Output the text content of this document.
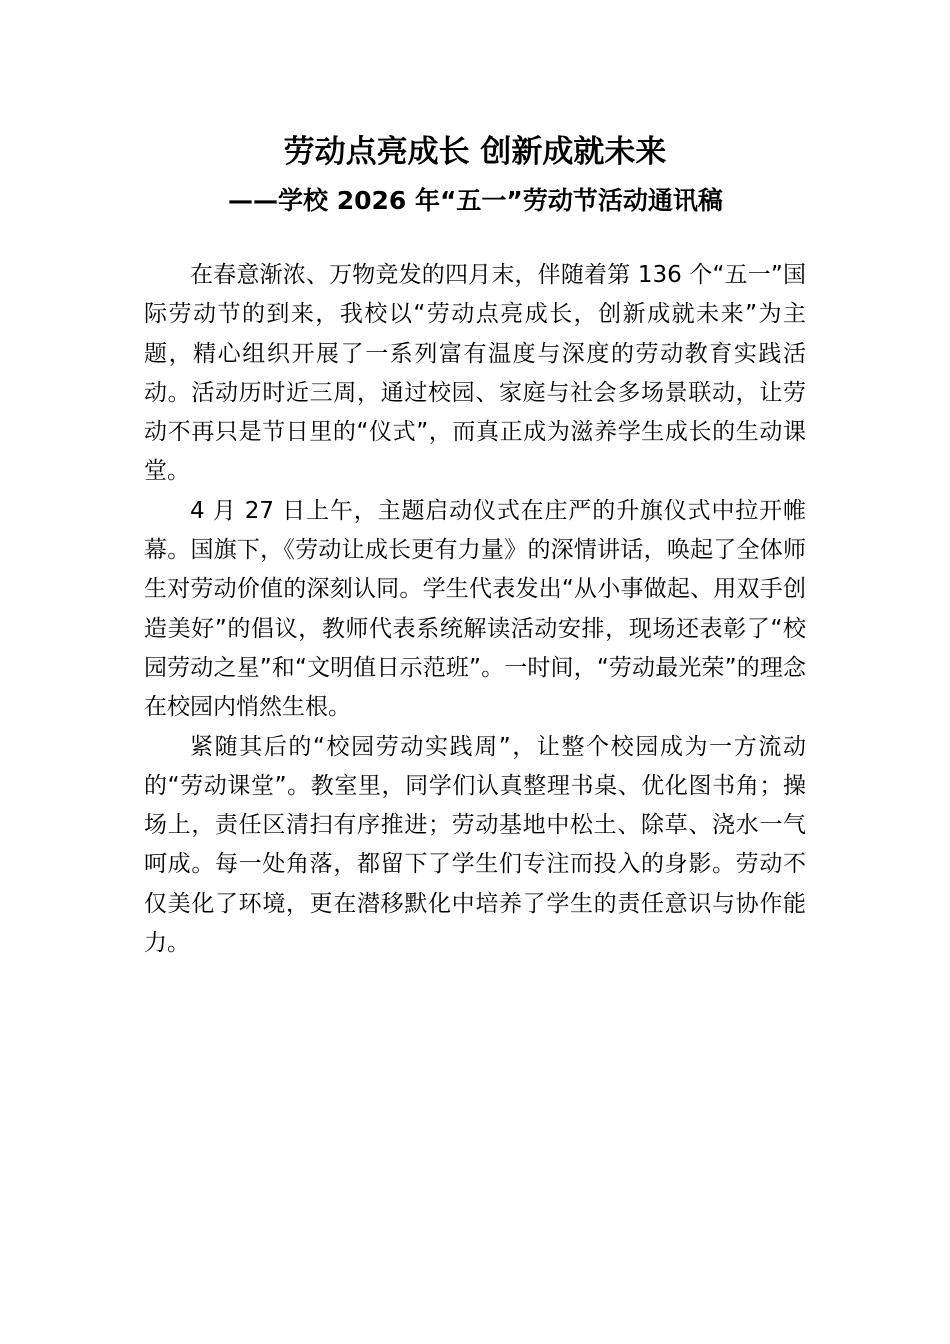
劳动点亮成长 创新成就未来
——学校 2026 年“五一”劳动节活动通讯稿

在春意渐浓、万物竞发的四月末，伴随着第 136 个“五一”国际劳动节的到来，我校以“劳动点亮成长，创新成就未来”为主题，精心组织开展了一系列富有温度与深度的劳动教育实践活动。活动历时近三周，通过校园、家庭与社会多场景联动，让劳动不再只是节日里的“仪式”，而真正成为滋养学生成长的生动课堂。

4 月 27 日上午，主题启动仪式在庄严的升旗仪式中拉开帷幕。国旗下，《劳动让成长更有力量》的深情讲话，唤起了全体师生对劳动价值的深刻认同。学生代表发出“从小事做起、用双手创造美好”的倡议，教师代表系统解读活动安排，现场还表彰了“校园劳动之星”和“文明值日示范班”。一时间，“劳动最光荣”的理念在校园内悄然生根。

紧随其后的“校园劳动实践周”，让整个校园成为一方流动的“劳动课堂”。教室里，同学们认真整理书桌、优化图书角；操场上，责任区清扫有序推进；劳动基地中松土、除草、浇水一气呵成。每一处角落，都留下了学生们专注而投入的身影。劳动不仅美化了环境，更在潜移默化中培养了学生的责任意识与协作能力。
